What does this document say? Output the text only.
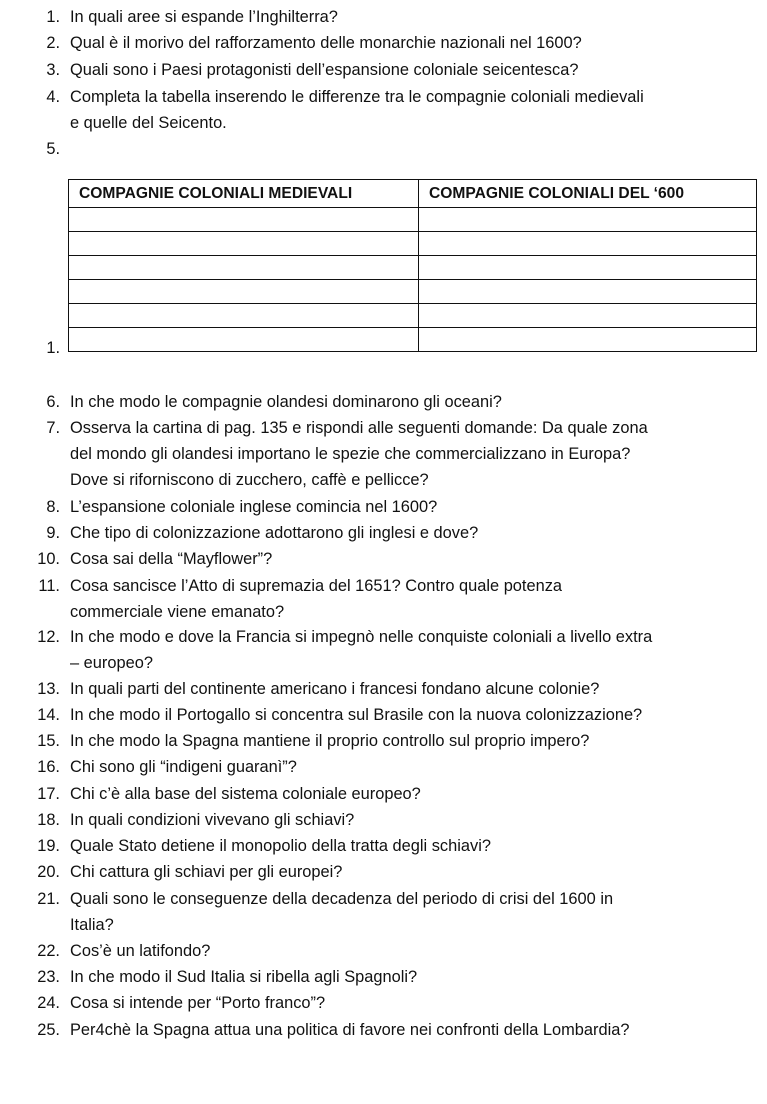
1. In quali aree si espande l’Inghilterra?
2. Qual è il morivo del rafforzamento delle monarchie nazionali nel 1600?
3. Quali sono i Paesi protagonisti dell’espansione coloniale seicentesca?
4. Completa la tabella inserendo le differenze tra le compagnie coloniali medievali
e quelle del Seicento.
5.
1.
6. In che modo le compagnie olandesi dominarono gli oceani?
7. Osserva la cartina di pag. 135 e rispondi alle seguenti domande: Da quale zona
del mondo gli olandesi importano le spezie che commercializzano in Europa?
Dove si riforniscono di zucchero, caffè e pellicce?
8. L’espansione coloniale inglese comincia nel 1600?
9. Che tipo di colonizzazione adottarono gli inglesi e dove?
10. Cosa sai della “Mayflower”?
11. Cosa sancisce l’Atto di supremazia del 1651? Contro quale potenza
commerciale viene emanato?
12. In che modo e dove la Francia si impegnò nelle conquiste coloniali a livello extra
– europeo?
13. In quali parti del continente americano i francesi fondano alcune colonie?
14. In che modo il Portogallo si concentra sul Brasile con la nuova colonizzazione?
15. In che modo la Spagna mantiene il proprio controllo sul proprio impero?
16. Chi sono gli “indigeni guaranì”?
17. Chi c’è alla base del sistema coloniale europeo?
18. In quali condizioni vivevano gli schiavi?
19. Quale Stato detiene il monopolio della tratta degli schiavi?
20. Chi cattura gli schiavi per gli europei?
21. Quali sono le conseguenze della decadenza del periodo di crisi del 1600 in
Italia?
22. Cos’è un latifondo?
23. In che modo il Sud Italia si ribella agli Spagnoli?
24. Cosa si intende per “Porto franco”?
25. Per4chè la Spagna attua una politica di favore nei confronti della Lombardia?
COMPAGNIE COLONIALI MEDIEVALI	COMPAGNIE COLONIALI DEL ‘600
